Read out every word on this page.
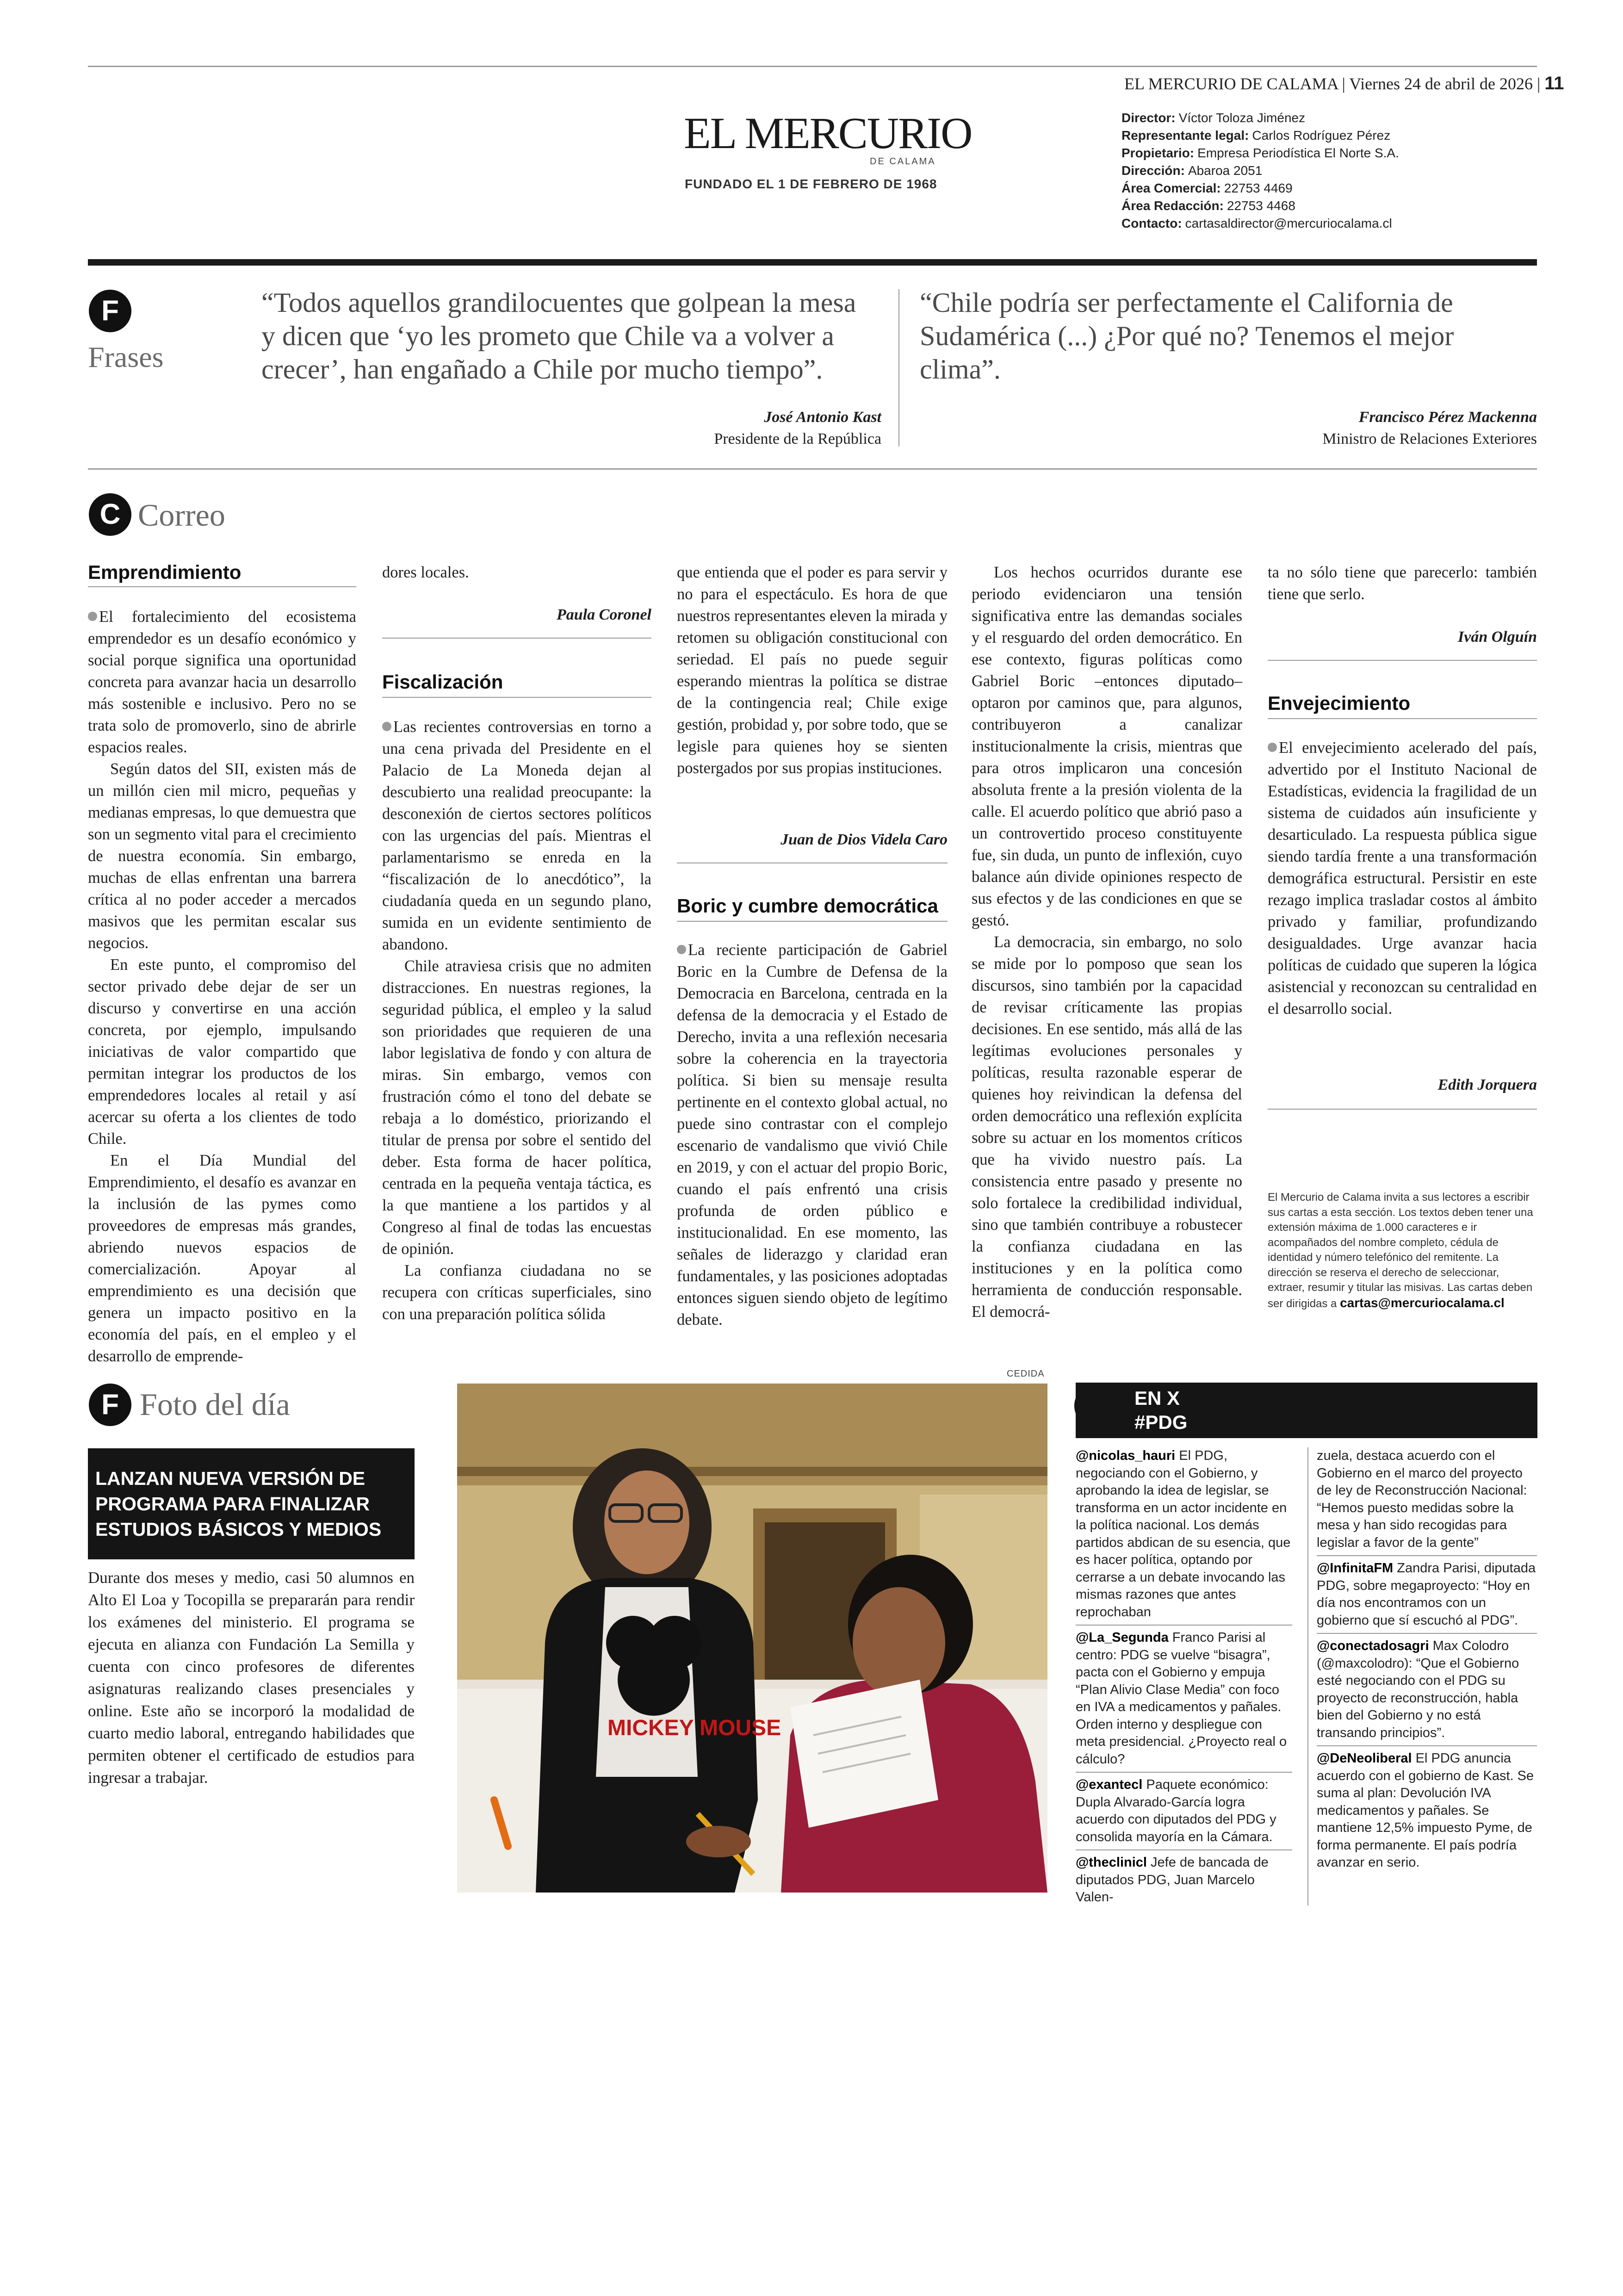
EL MERCURIO DE CALAMA | Viernes 24 de abril de 2026 | 11
EL MERCURIO
DE CALAMA
FUNDADO EL 1 DE FEBRERO DE 1968
Director: Víctor Toloza Jiménez
Representante legal: Carlos Rodríguez Pérez
Propietario: Empresa Periodística El Norte S.A.
Dirección: Abaroa 2051
Área Comercial: 22753 4469
Área Redacción: 22753 4468
Contacto: cartasaldirector@mercuriocalama.cl
F
Frases
“Todos aquellos grandilocuentes que golpean la mesa y dicen que ‘yo les prometo que Chile va a volver a crecer’, han engañado a Chile por mucho tiempo”.
José Antonio Kast
Presidente de la República
“Chile podría ser perfectamente el California de Sudamérica (...) ¿Por qué no? Tenemos el mejor clima”.
Francisco Pérez Mackenna
Ministro de Relaciones Exteriores
C Correo
Emprendimiento

El fortalecimiento del ecosistema emprendedor es un desafío económico y social porque significa una oportunidad concreta para avanzar hacia un desarrollo más sostenible e inclusivo. Pero no se trata solo de promoverlo, sino de abrirle espacios reales.

Según datos del SII, existen más de un millón cien mil micro, pequeñas y medianas empresas, lo que demuestra que son un segmento vital para el crecimiento de nuestra economía. Sin embargo, muchas de ellas enfrentan una barrera crítica al no poder acceder a mercados masivos que les permitan escalar sus negocios.

En este punto, el compromiso del sector privado debe dejar de ser un discurso y convertirse en una acción concreta, por ejemplo, impulsando iniciativas de valor compartido que permitan integrar los productos de los emprendedores locales al retail y así acercar su oferta a los clientes de todo Chile.

En el Día Mundial del Emprendimiento, el desafío es avanzar en la inclusión de las pymes como proveedores de empresas más grandes, abriendo nuevos espacios de comercialización. Apoyar al emprendimiento es una decisión que genera un impacto positivo en la economía del país, en el empleo y el desarrollo de emprende-

dores locales.

Paula Coronel
Fiscalización

Las recientes controversias en torno a una cena privada del Presidente en el Palacio de La Moneda dejan al descubierto una realidad preocupante: la desconexión de ciertos sectores políticos con las urgencias del país. Mientras el parlamentarismo se enreda en la “fiscalización de lo anecdótico”, la ciudadanía queda en un segundo plano, sumida en un evidente sentimiento de abandono.

Chile atraviesa crisis que no admiten distracciones. En nuestras regiones, la seguridad pública, el empleo y la salud son prioridades que requieren de una labor legislativa de fondo y con altura de miras. Sin embargo, vemos con frustración cómo el tono del debate se rebaja a lo doméstico, priorizando el titular de prensa por sobre el sentido del deber. Esta forma de hacer política, centrada en la pequeña ventaja táctica, es la que mantiene a los partidos y al Congreso al final de todas las encuestas de opinión.

La confianza ciudadana no se recupera con críticas superficiales, sino con una preparación política sólida

que entienda que el poder es para servir y no para el espectáculo. Es hora de que nuestros representantes eleven la mirada y retomen su obligación constitucional con seriedad. El país no puede seguir esperando mientras la política se distrae de la contingencia real; Chile exige gestión, probidad y, por sobre todo, que se legisle para quienes hoy se sienten postergados por sus propias instituciones.

Juan de Dios Videla Caro
Boric y cumbre democrática

La reciente participación de Gabriel Boric en la Cumbre de Defensa de la Democracia en Barcelona, centrada en la defensa de la democracia y el Estado de Derecho, invita a una reflexión necesaria sobre la coherencia en la trayectoria política. Si bien su mensaje resulta pertinente en el contexto global actual, no puede sino contrastar con el complejo escenario de vandalismo que vivió Chile en 2019, y con el actuar del propio Boric, cuando el país enfrentó una crisis profunda de orden público e institucionalidad. En ese momento, las señales de liderazgo y claridad eran fundamentales, y las posiciones adoptadas entonces siguen siendo objeto de legítimo debate.

Los hechos ocurridos durante ese periodo evidenciaron una tensión significativa entre las demandas sociales y el resguardo del orden democrático. En ese contexto, figuras políticas como Gabriel Boric –entonces diputado– optaron por caminos que, para algunos, contribuyeron a canalizar institucionalmente la crisis, mientras que para otros implicaron una concesión absoluta frente a la presión violenta de la calle. El acuerdo político que abrió paso a un controvertido proceso constituyente fue, sin duda, un punto de inflexión, cuyo balance aún divide opiniones respecto de sus efectos y de las condiciones en que se gestó.

La democracia, sin embargo, no solo se mide por lo pomposo que sean los discursos, sino también por la capacidad de revisar críticamente las propias decisiones. En ese sentido, más allá de las legítimas evoluciones personales y políticas, resulta razonable esperar de quienes hoy reivindican la defensa del orden democrático una reflexión explícita sobre su actuar en los momentos críticos que ha vivido nuestro país. La consistencia entre pasado y presente no solo fortalece la credibilidad individual, sino que también contribuye a robustecer la confianza ciudadana en las instituciones y en la política como herramienta de conducción responsable. El democrá-

ta no sólo tiene que parecerlo: también tiene que serlo.

Iván Olguín
Envejecimiento

El envejecimiento acelerado del país, advertido por el Instituto Nacional de Estadísticas, evidencia la fragilidad de un sistema de cuidados aún insuficiente y desarticulado. La respuesta pública sigue siendo tardía frente a una transformación demográfica estructural. Persistir en este rezago implica trasladar costos al ámbito privado y familiar, profundizando desigualdades. Urge avanzar hacia políticas de cuidado que superen la lógica asistencial y reconozcan su centralidad en el desarrollo social.

Edith Jorquera
El Mercurio de Calama invita a sus lectores a escribir sus cartas a esta sección. Los textos deben tener una extensión máxima de 1.000 caracteres e ir acompañados del nombre completo, cédula de identidad y número telefónico del remitente. La dirección se reserva el derecho de seleccionar, extraer, resumir y titular las misivas. Las cartas deben ser dirigidas a cartas@mercuriocalama.cl
F Foto del día
LANZAN NUEVA VERSIÓN DE PROGRAMA PARA FINALIZAR ESTUDIOS BÁSICOS Y MEDIOS
Durante dos meses y medio, casi 50 alumnos en Alto El Loa y Tocopilla se prepararán para rendir los exámenes del ministerio. El programa se ejecuta en alianza con Fundación La Semilla y cuenta con cinco profesores de diferentes asignaturas realizando clases presenciales y online. Este año se incorporó la modalidad de cuarto medio laboral, entregando habilidades que permiten obtener el certificado de estudios para ingresar a trabajar.
CEDIDA
MICKEY MOUSE
EN X
#PDG

@nicolas_hauri El PDG, negociando con el Gobierno, y aprobando la idea de legislar, se transforma en un actor incidente en la política nacional. Los demás partidos abdican de su esencia, que es hacer política, optando por cerrarse a un debate invocando las mismas razones que antes reprochaban

@La_Segunda Franco Parisi al centro: PDG se vuelve “bisagra”, pacta con el Gobierno y empuja “Plan Alivio Clase Media” con foco en IVA a medicamentos y pañales. Orden interno y despliegue con meta presidencial. ¿Proyecto real o cálculo?

@exantecl Paquete económico: Dupla Alvarado-García logra acuerdo con diputados del PDG y consolida mayoría en la Cámara.

@theclinicl Jefe de bancada de diputados PDG, Juan Marcelo Valen-

zuela, destaca acuerdo con el Gobierno en el marco del proyecto de ley de Reconstrucción Nacional: “Hemos puesto medidas sobre la mesa y han sido recogidas para legislar a favor de la gente”

@InfinitaFM Zandra Parisi, diputada PDG, sobre megaproyecto: “Hoy en día nos encontramos con un gobierno que sí escuchó al PDG”.

@conectadosagri Max Colodro (@maxcolodro): “Que el Gobierno esté negociando con el PDG su proyecto de reconstrucción, habla bien del Gobierno y no está transando principios”.

@DeNeoliberal El PDG anuncia acuerdo con el gobierno de Kast. Se suma al plan: Devolución IVA medicamentos y pañales. Se mantiene 12,5% impuesto Pyme, de forma permanente. El país podría avanzar en serio.
